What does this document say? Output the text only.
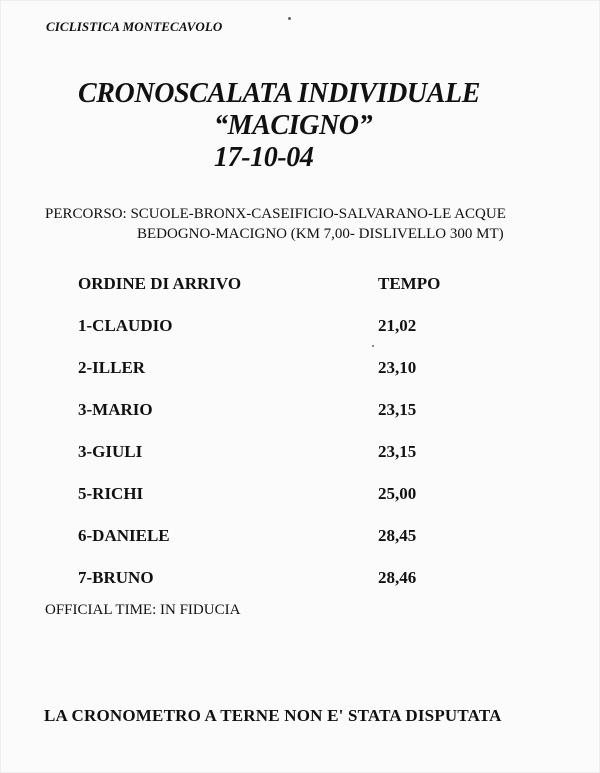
CICLISTICA MONTECAVOLO
CRONOSCALATA INDIVIDUALE
“MACIGNO”
17-10-04
PERCORSO: SCUOLE-BRONX-CASEIFICIO-SALVARANO-LE ACQUE
BEDOGNO-MACIGNO (KM 7,00- DISLIVELLO 300 MT)
ORDINE DI ARRIVO	TEMPO
1-CLAUDIO	21,02
2-ILLER	23,10
3-MARIO	23,15
3-GIULI	23,15
5-RICHI	25,00
6-DANIELE	28,45
7-BRUNO	28,46
OFFICIAL TIME: IN FIDUCIA
LA CRONOMETRO A TERNE NON E' STATA DISPUTATA
